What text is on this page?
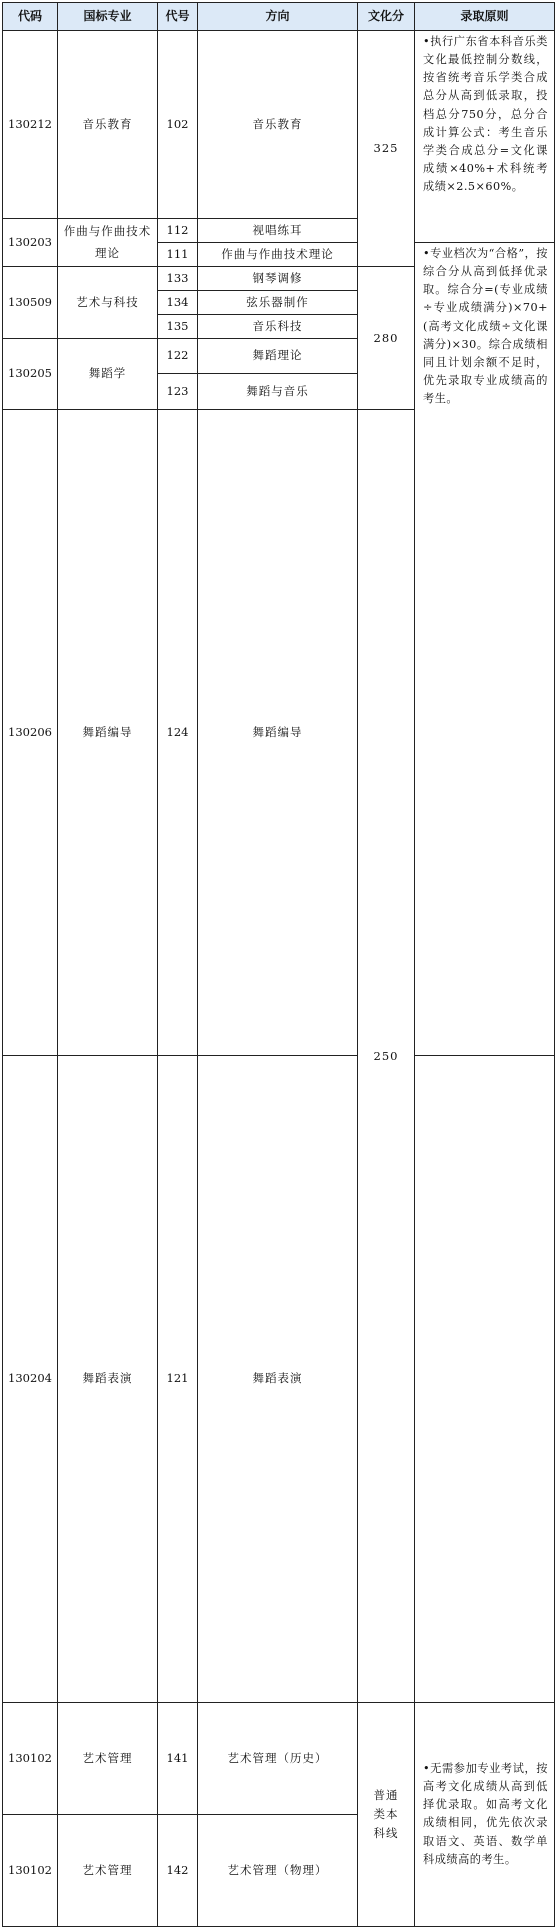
代码	国标专业	代号	方向	文化分	录取原则	
130212	音乐教育	102	音乐教育	325	•执行广东省本科音乐类文化最低控制分数线，按省统考音乐学类合成总分从高到低录取，投档总分750分，总分合成计算公式：考生音乐学类合成总分=文化课成绩×40%+术科统考成绩×2.5×60%。	
130203	作曲与作曲技术理论	112	视唱练耳			
		111	作曲与作曲技术理论		•专业档次为“合格”，按综合分从高到低择优录取。综合分=(专业成绩÷专业成绩满分)×70+(高考文化成绩÷文化课满分)×30。综合成绩相同且计划余额不足时，优先录取专业成绩高的考生。	
130509	艺术与科技	133	钢琴调修	280		
		134	弦乐器制作			
		135	音乐科技			
130205	舞蹈学	122	舞蹈理论			
		123	舞蹈与音乐			
130206	舞蹈编导	124	舞蹈编导	250	
130204	舞蹈表演	121	舞蹈表演			
130102	艺术管理	141	艺术管理（历史）	普通类本科线	•无需参加专业考试，按高考文化成绩从高到低择优录取。如高考文化成绩相同，优先依次录取语文、英语、数学单科成绩高的考生。	

130102	艺术管理	142	艺术管理（物理）			
